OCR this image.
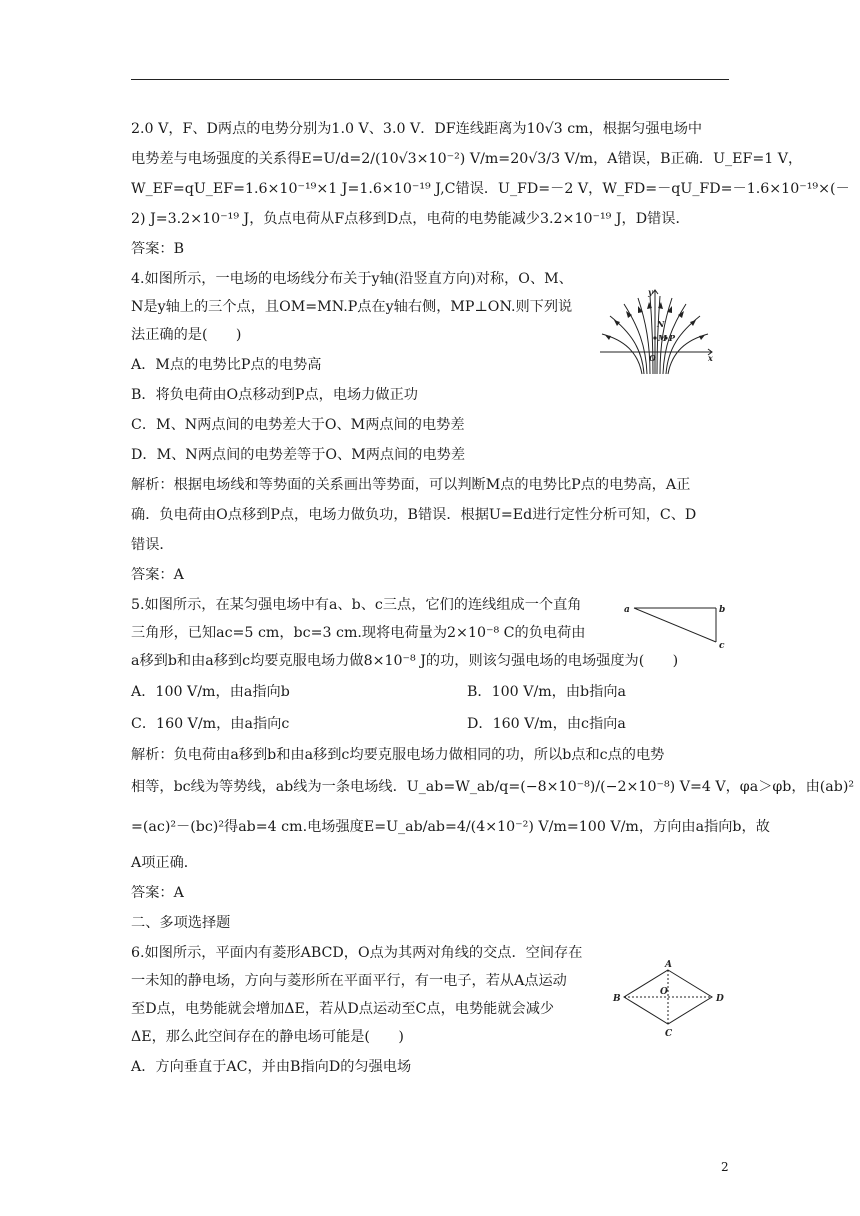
2.0 V，F、D两点的电势分别为1.0 V、3.0 V．DF连线距离为10√3 cm，根据匀强电场中
电势差与电场强度的关系得E=U/d=2/(10√3×10⁻²) V/m=20√3/3 V/m，A错误，B正确．U_EF=1 V，
W_EF=qU_EF=1.6×10⁻¹⁹×1 J=1.6×10⁻¹⁹ J,C错误．U_FD=－2 V，W_FD=－qU_FD=－1.6×10⁻¹⁹×(－
2) J=3.2×10⁻¹⁹ J，负点电荷从F点移到D点，电荷的电势能减少3.2×10⁻¹⁹ J，D错误．
答案：B
4.如图所示，一电场的电场线分布关于y轴(沿竖直方向)对称，O、M、
N是y轴上的三个点，且OM=MN.P点在y轴右侧，MP⊥ON.则下列说
法正确的是(　　)
A．M点的电势比P点的电势高
B．将负电荷由O点移动到P点，电场力做正功
C．M、N两点间的电势差大于O、M两点间的电势差
D．M、N两点间的电势差等于O、M两点间的电势差
解析：根据电场线和等势面的关系画出等势面，可以判断M点的电势比P点的电势高，A正
确．负电荷由O点移到P点，电场力做负功，B错误．根据U=Ed进行定性分析可知，C、D
错误．
答案：A
5.如图所示，在某匀强电场中有a、b、c三点，它们的连线组成一个直角
三角形，已知ac=5 cm，bc=3 cm.现将电荷量为2×10⁻⁸ C的负电荷由
a移到b和由a移到c均要克服电场力做8×10⁻⁸ J的功，则该匀强电场的电场强度为(　　)
A．100 V/m，由a指向b
C．160 V/m，由a指向c
解析：负电荷由a移到b和由a移到c均要克服电场力做相同的功，所以b点和c点的电势
相等，bc线为等势线，ab线为一条电场线．U_ab=W_ab/q=(−8×10⁻⁸)/(−2×10⁻⁸) V=4 V，φa＞φb，由(ab)²
=(ac)²－(bc)²得ab=4 cm.电场强度E=U_ab/ab=4/(4×10⁻²) V/m=100 V/m，方向由a指向b，故
A项正确．
答案：A
二、多项选择题
6.如图所示，平面内有菱形ABCD，O点为其两对角线的交点．空间存在
一未知的静电场，方向与菱形所在平面平行，有一电子，若从A点运动
至D点，电势能就会增加ΔE，若从D点运动至C点，电势能就会减少
ΔE，那么此空间存在的静电场可能是(　　)
A．方向垂直于AC，并由B指向D的匀强电场
B．100 V/m，由b指向a
D．160 V/m，由c指向a
y
x
N
M P
O
a	b
c
A
B
C
D
O
2
